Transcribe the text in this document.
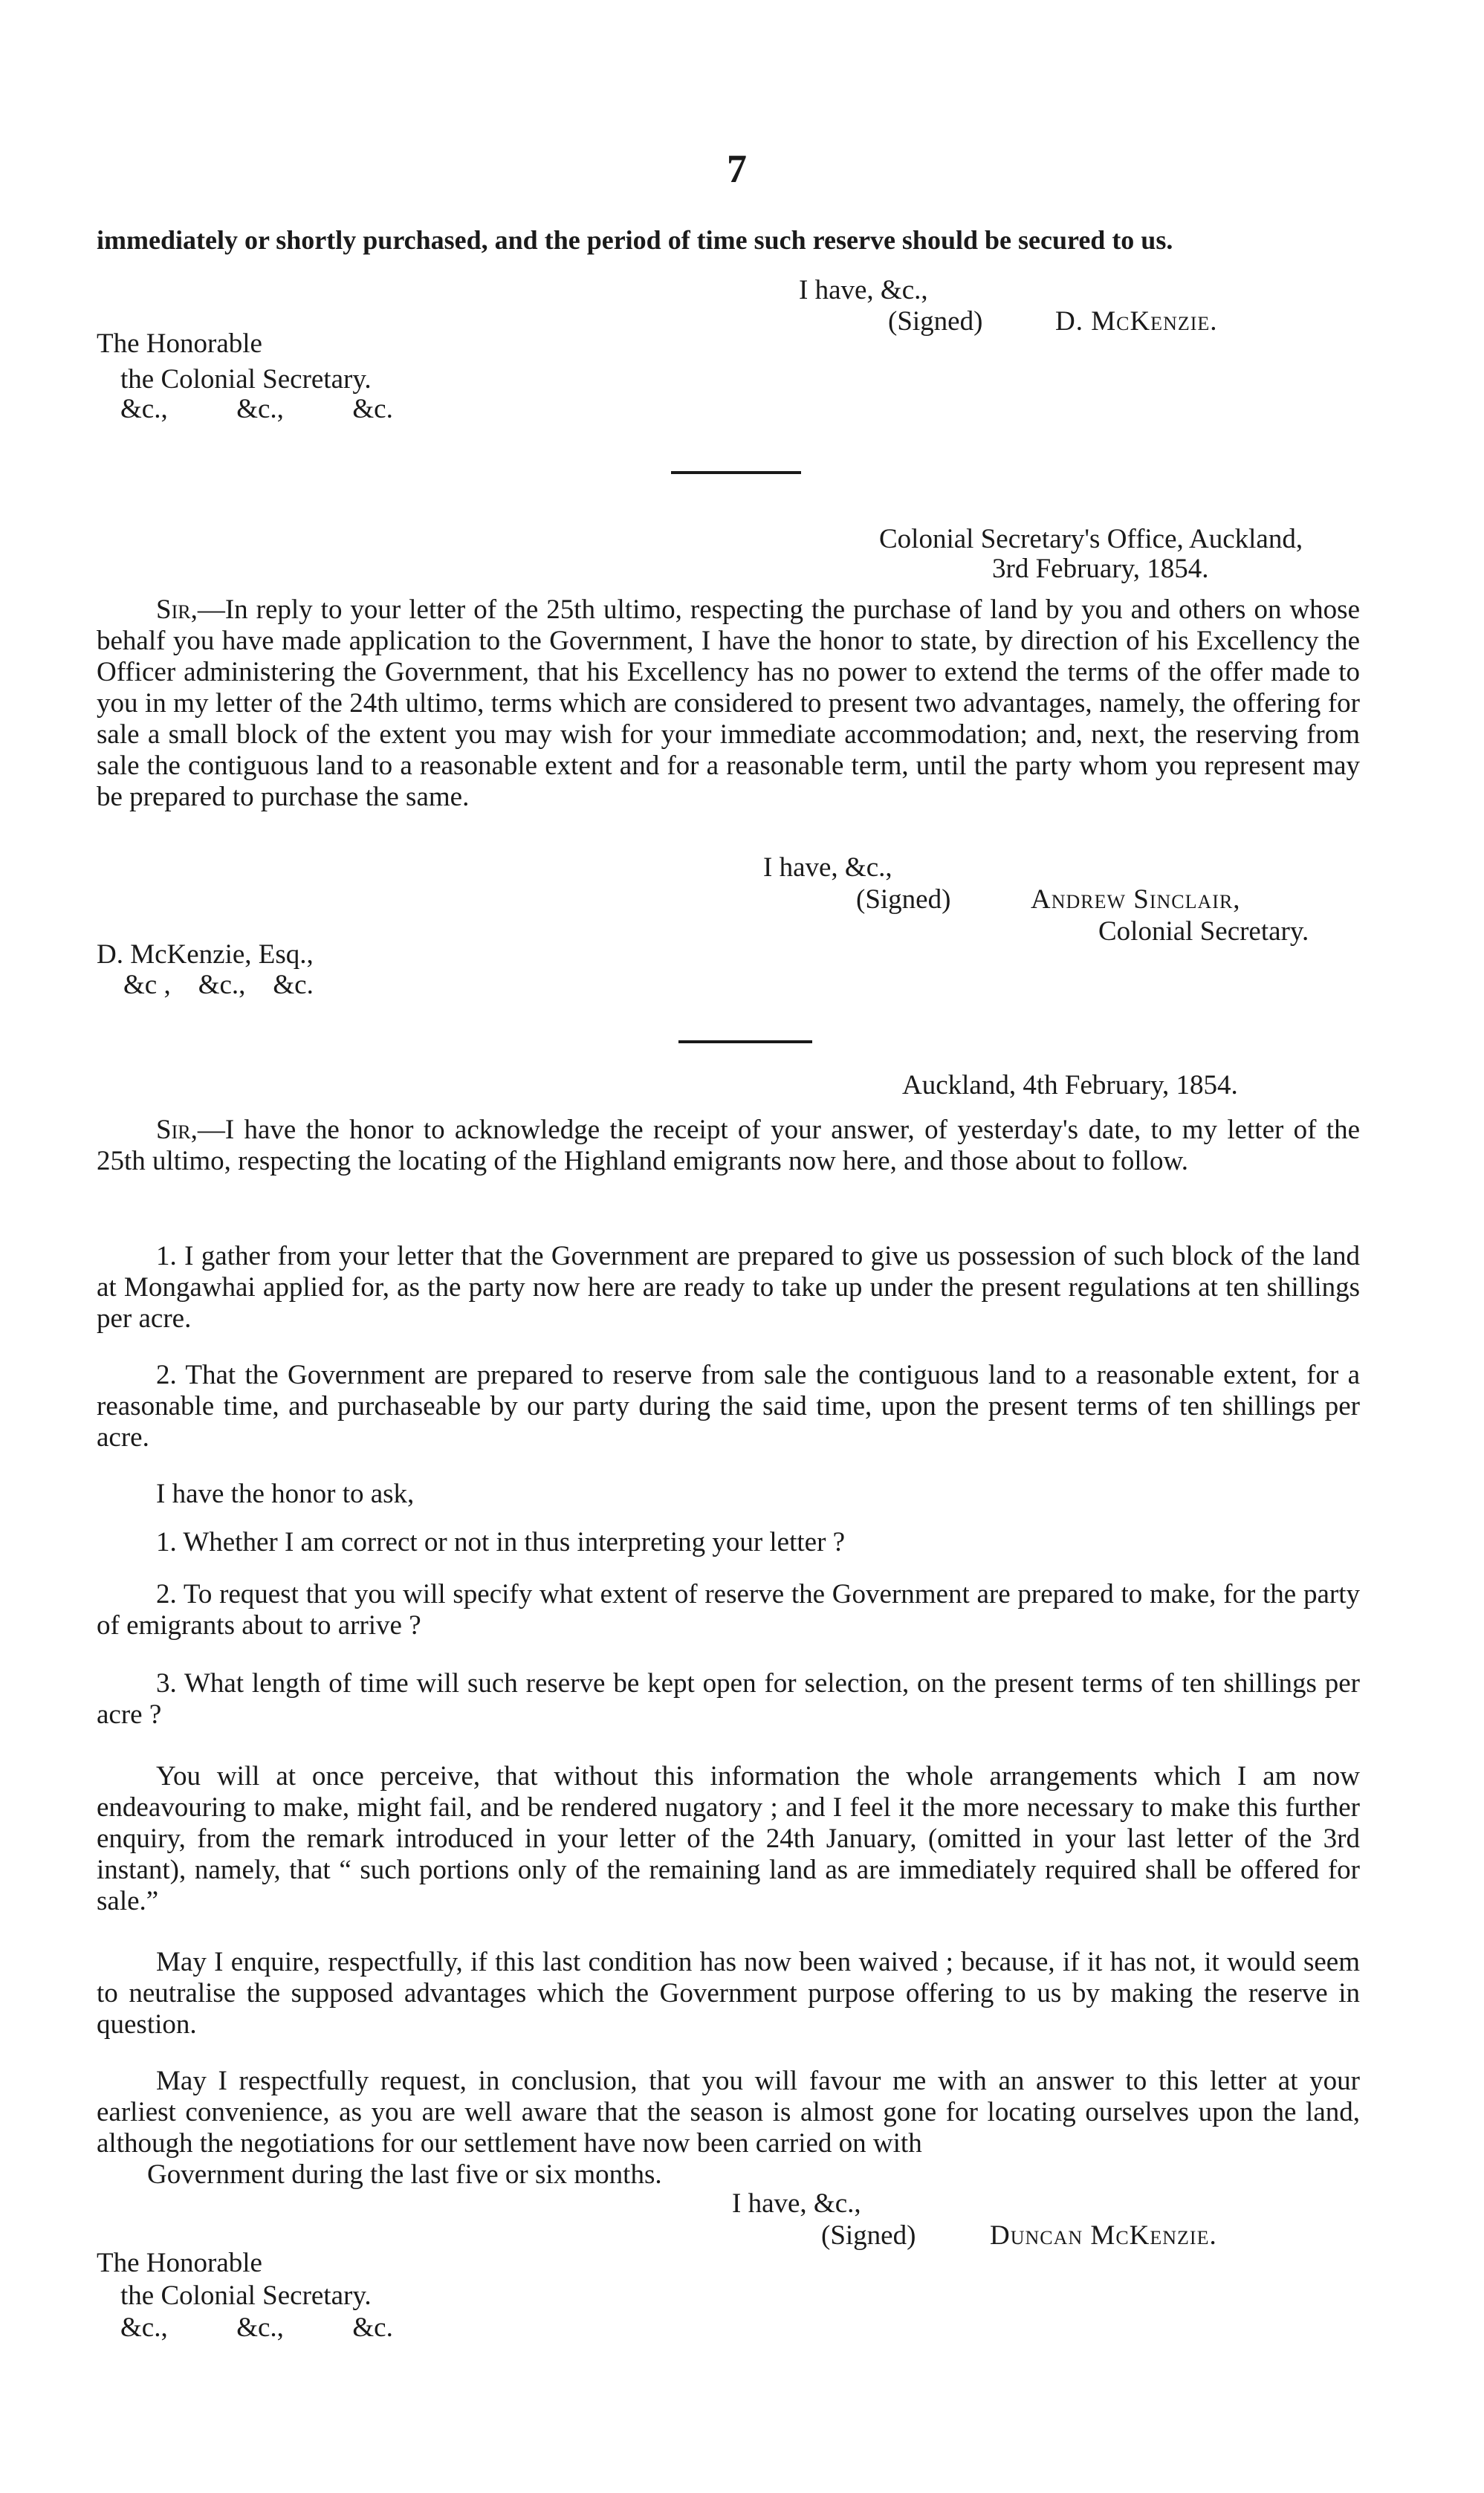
7
immediately or shortly purchased, and the period of time such reserve should be secured to us.
I have, &c.,
(Signed)	D. McKenzie.
The Honorable
the Colonial Secretary.
&c.,          &c.,          &c.
Colonial Secretary's Office, Auckland,
3rd February, 1854.

Sir,—In reply to your letter of the 25th ultimo, respecting the purchase of land by you and others on whose behalf you have made application to the Government, I have the honor to state, by direction of his Excellency the Officer administering the Government, that his Excellency has no power to extend the terms of the offer made to you in my letter of the 24th ultimo, terms which are considered to present two advantages, namely, the offering for sale a small block of the extent you may wish for your immediate accommodation; and, next, the reserving from sale the contiguous land to a reasonable extent and for a reasonable term, until the party whom you represent may be prepared to purchase the same.

I have, &c.,
(Signed)	Andrew Sinclair,
Colonial Secretary.
D. McKenzie, Esq.,
&c ,    &c.,    &c.
Auckland, 4th February, 1854.

Sir,—I have the honor to acknowledge the receipt of your answer, of yesterday's date, to my letter of the 25th ultimo, respecting the locating of the Highland emigrants now here, and those about to follow.

1. I gather from your letter that the Government are prepared to give us possession of such block of the land at Mongawhai applied for, as the party now here are ready to take up under the present regulations at ten shillings per acre.

2. That the Government are prepared to reserve from sale the contiguous land to a reasonable extent, for a reasonable time, and purchaseable by our party during the said time, upon the present terms of ten shillings per acre.

I have the honor to ask,

1. Whether I am correct or not in thus interpreting your letter ?

2. To request that you will specify what extent of reserve the Government are prepared to make, for the party of emigrants about to arrive ?

3. What length of time will such reserve be kept open for selection, on the present terms of ten shillings per acre ?

You will at once perceive, that without this information the whole arrangements which I am now endeavouring to make, might fail, and be rendered nugatory ; and I feel it the more necessary to make this further enquiry, from the remark introduced in your letter of the 24th January, (omitted in your last letter of the 3rd instant), namely, that “ such portions only of the remaining land as are immediately required shall be offered for sale.”

May I enquire, respectfully, if this last condition has now been waived ; because, if it has not, it would seem to neutralise the supposed advantages which the Government purpose offering to us by making the reserve in question.

May I respectfully request, in conclusion, that you will favour me with an answer to this letter at your earliest convenience, as you are well aware that the season is almost gone for locating ourselves upon the land, although the negotiations for our settlement have now been carried on with

Government during the last five or six months.
I have, &c.,
(Signed)	Duncan McKenzie.
The Honorable
the Colonial Secretary.
&c.,          &c.,          &c.
